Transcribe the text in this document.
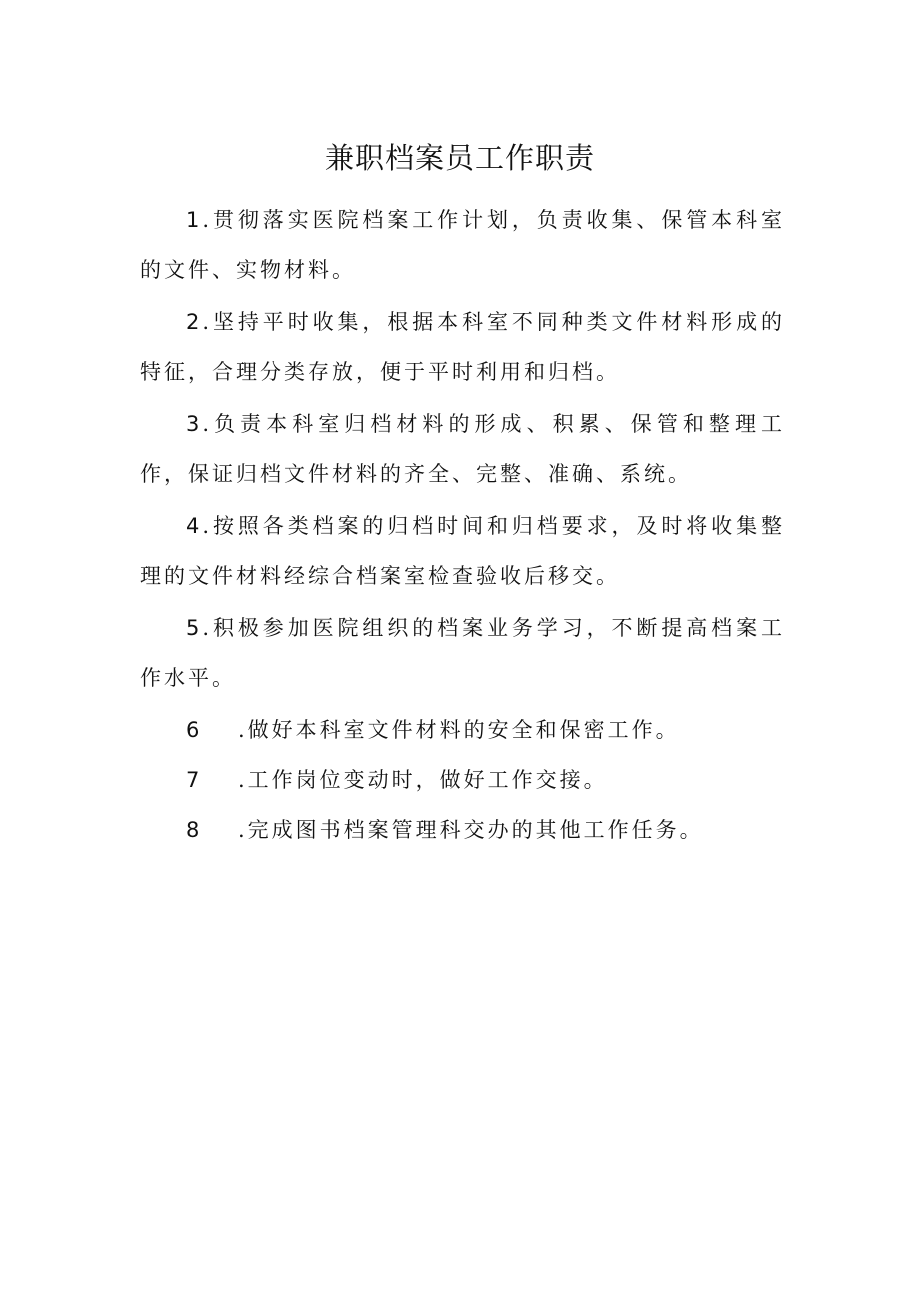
兼职档案员工作职责

1.贯彻落实医院档案工作计划，负责收集、保管本科室的文件、实物材料。

2.坚持平时收集，根据本科室不同种类文件材料形成的特征，合理分类存放，便于平时利用和归档。

3.负责本科室归档材料的形成、积累、保管和整理工作，保证归档文件材料的齐全、完整、准确、系统。

4.按照各类档案的归档时间和归档要求，及时将收集整理的文件材料经综合档案室检查验收后移交。

5.积极参加医院组织的档案业务学习，不断提高档案工作水平。

6 .做好本科室文件材料的安全和保密工作。

7 .工作岗位变动时，做好工作交接。

8 .完成图书档案管理科交办的其他工作任务。
